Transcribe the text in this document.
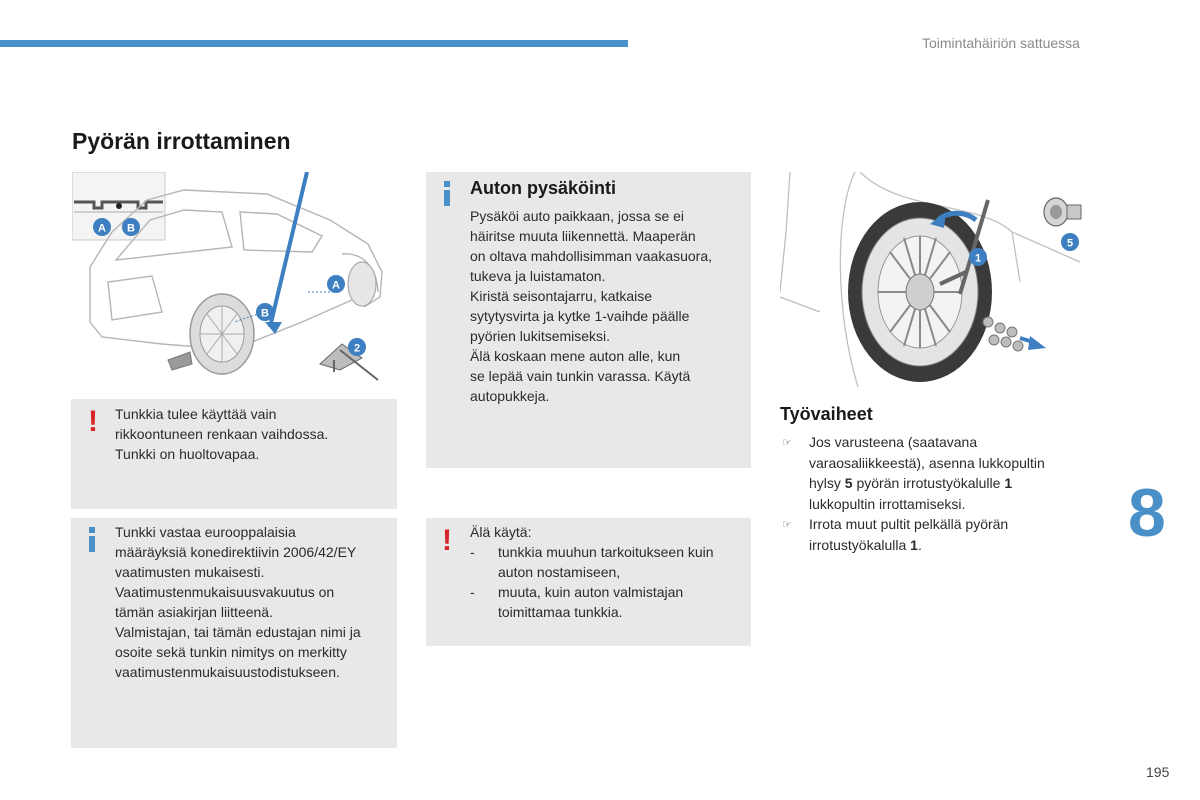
Toimintahäiriön sattuessa
Pyörän irrottaminen
A B
A
B
2
1
5
! Tunkkia tulee käyttää vain
rikkoontuneen renkaan vaihdossa.
Tunkki on huoltovapaa.
Tunkki vastaa eurooppalaisia
määräyksiä konedirektiivin 2006/42/EY
vaatimusten mukaisesti.
Vaatimustenmukaisuusvakuutus on
tämän asiakirjan liitteenä.
Valmistajan, tai tämän edustajan nimi ja
osoite sekä tunkin nimitys on merkitty
vaatimustenmukaisuustodistukseen.
Auton pysäköinti
Pysäköi auto paikkaan, jossa se ei
häiritse muuta liikennettä. Maaperän
on oltava mahdollisimman vaakasuora,
tukeva ja luistamaton.
Kiristä seisontajarru, katkaise
sytytysvirta ja kytke 1-vaihde päälle
pyörien lukitsemiseksi.
Älä koskaan mene auton alle, kun
se lepää vain tunkin varassa. Käytä
autopukkeja.
! Älä käytä:
-	tunkkia muuhun tarkoitukseen kuin
auton nostamiseen,
-	muuta, kuin auton valmistajan
toimittamaa tunkkia.
Työvaiheet
☞	Jos varusteena (saatavana
varaosaliikkeestä), asenna lukkopultin
hylsy 5 pyörän irrotustyökalulle 1
lukkopultin irrottamiseksi.
☞	Irrota muut pultit pelkällä pyörän
irrotustyökalulla 1.	8
195
